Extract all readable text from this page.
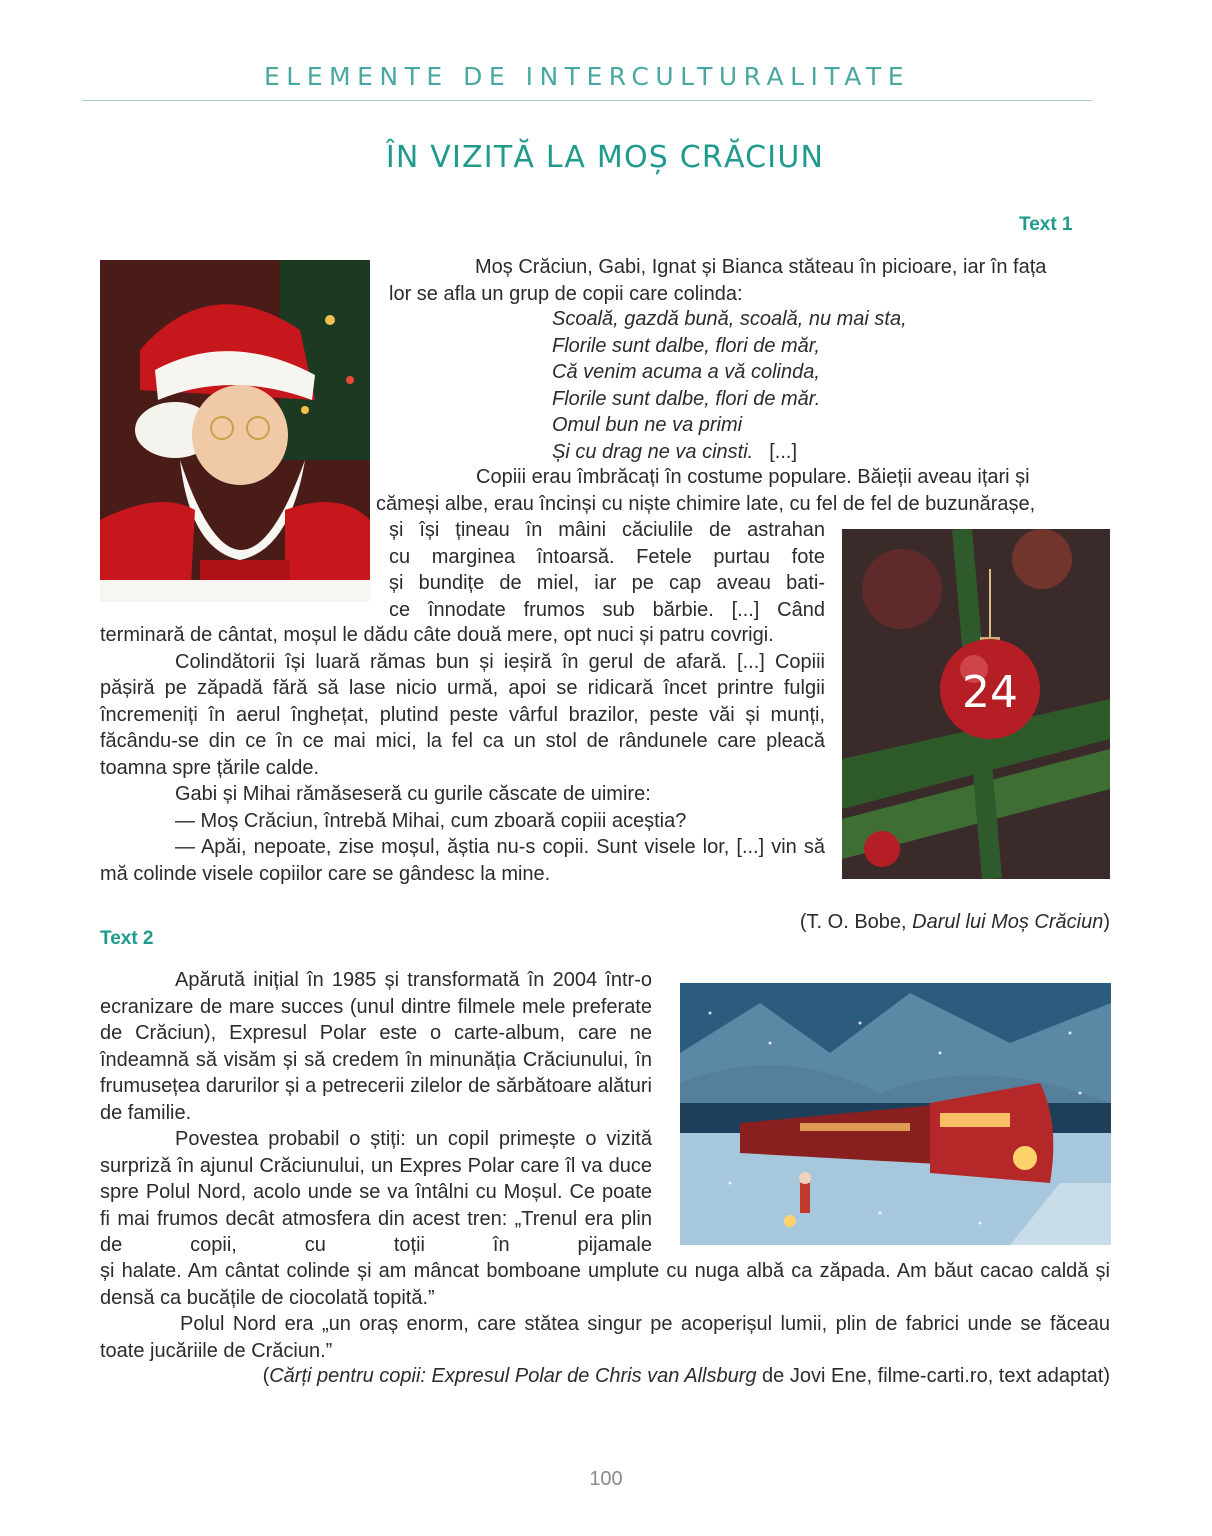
ELEMENTE DE INTERCULTURALITATE
ÎN VIZITĂ LA MOȘ CRĂCIUN
Text 1
24
Moș Crăciun, Gabi, Ignat și Bianca stăteau în picioare, iar în fața
lor se afla un grup de copii care colinda:
Scoală, gazdă bună, scoală, nu mai sta,
Florile sunt dalbe, flori de măr,
Că venim acuma a vă colinda,
Florile sunt dalbe, flori de măr.
Omul bun ne va primi
Și cu drag ne va cinsti. [...]
Copiii erau îmbrăcați în costume populare. Băieții aveau ițari și
cămeși albe, erau încinși cu niște chimire late, cu fel de fel de buzunărașe,
și își țineau în mâini căciulile de astrahan
cu marginea întoarsă. Fetele purtau fote
și bundițe de miel, iar pe cap aveau bati-
ce înnodate frumos sub bărbie. [...] Când
terminară de cântat, moșul le dădu câte două mere, opt nuci și patru covrigi.
Colindătorii își luară rămas bun și ieșiră în gerul de afară. [...] Copiii pășiră pe zăpadă fără să lase nicio urmă, apoi se ridicară încet printre fulgii încremeniți în aerul înghețat, plutind peste vârful brazilor, peste văi și munți, făcându-se din ce în ce mai mici, la fel ca un stol de rândunele care pleacă toamna spre țările calde.
Gabi și Mihai rămăseseră cu gurile căscate de uimire:
— Moș Crăciun, întrebă Mihai, cum zboară copiii aceștia?
— Apăi, nepoate, zise moșul, ăștia nu-s copii. Sunt visele lor, [...] vin să mă colinde visele copiilor care se gândesc la mine.
(T. O. Bobe, Darul lui Moș Crăciun)
Text 2
Apărută inițial în 1985 și transformată în 2004 într-o ecranizare de mare succes (unul dintre filmele mele preferate de Crăciun), Expresul Polar este o carte-album, care ne îndeamnă să visăm și să credem în minunăția Crăciunului, în frumusețea darurilor și a petrecerii zilelor de sărbătoare alături de familie.
Povestea probabil o știți: un copil primește o vizită surpriză în ajunul Crăciunului, un Expres Polar care îl va duce spre Polul Nord, acolo unde se va întâlni cu Moșul. Ce poate fi mai frumos decât atmosfera din acest tren: „Trenul era plin de copii, cu toții în pijamale
și halate. Am cântat colinde și am mâncat bomboane umplute cu nuga albă ca zăpada. Am băut cacao caldă și densă ca bucățile de ciocolată topită.”
Polul Nord era „un oraș enorm, care stătea singur pe acoperișul lumii, plin de fabrici unde se făceau toate jucăriile de Crăciun.”
(Cărți pentru copii: Expresul Polar de Chris van Allsburg de Jovi Ene, filme-carti.ro, text adaptat)
100
